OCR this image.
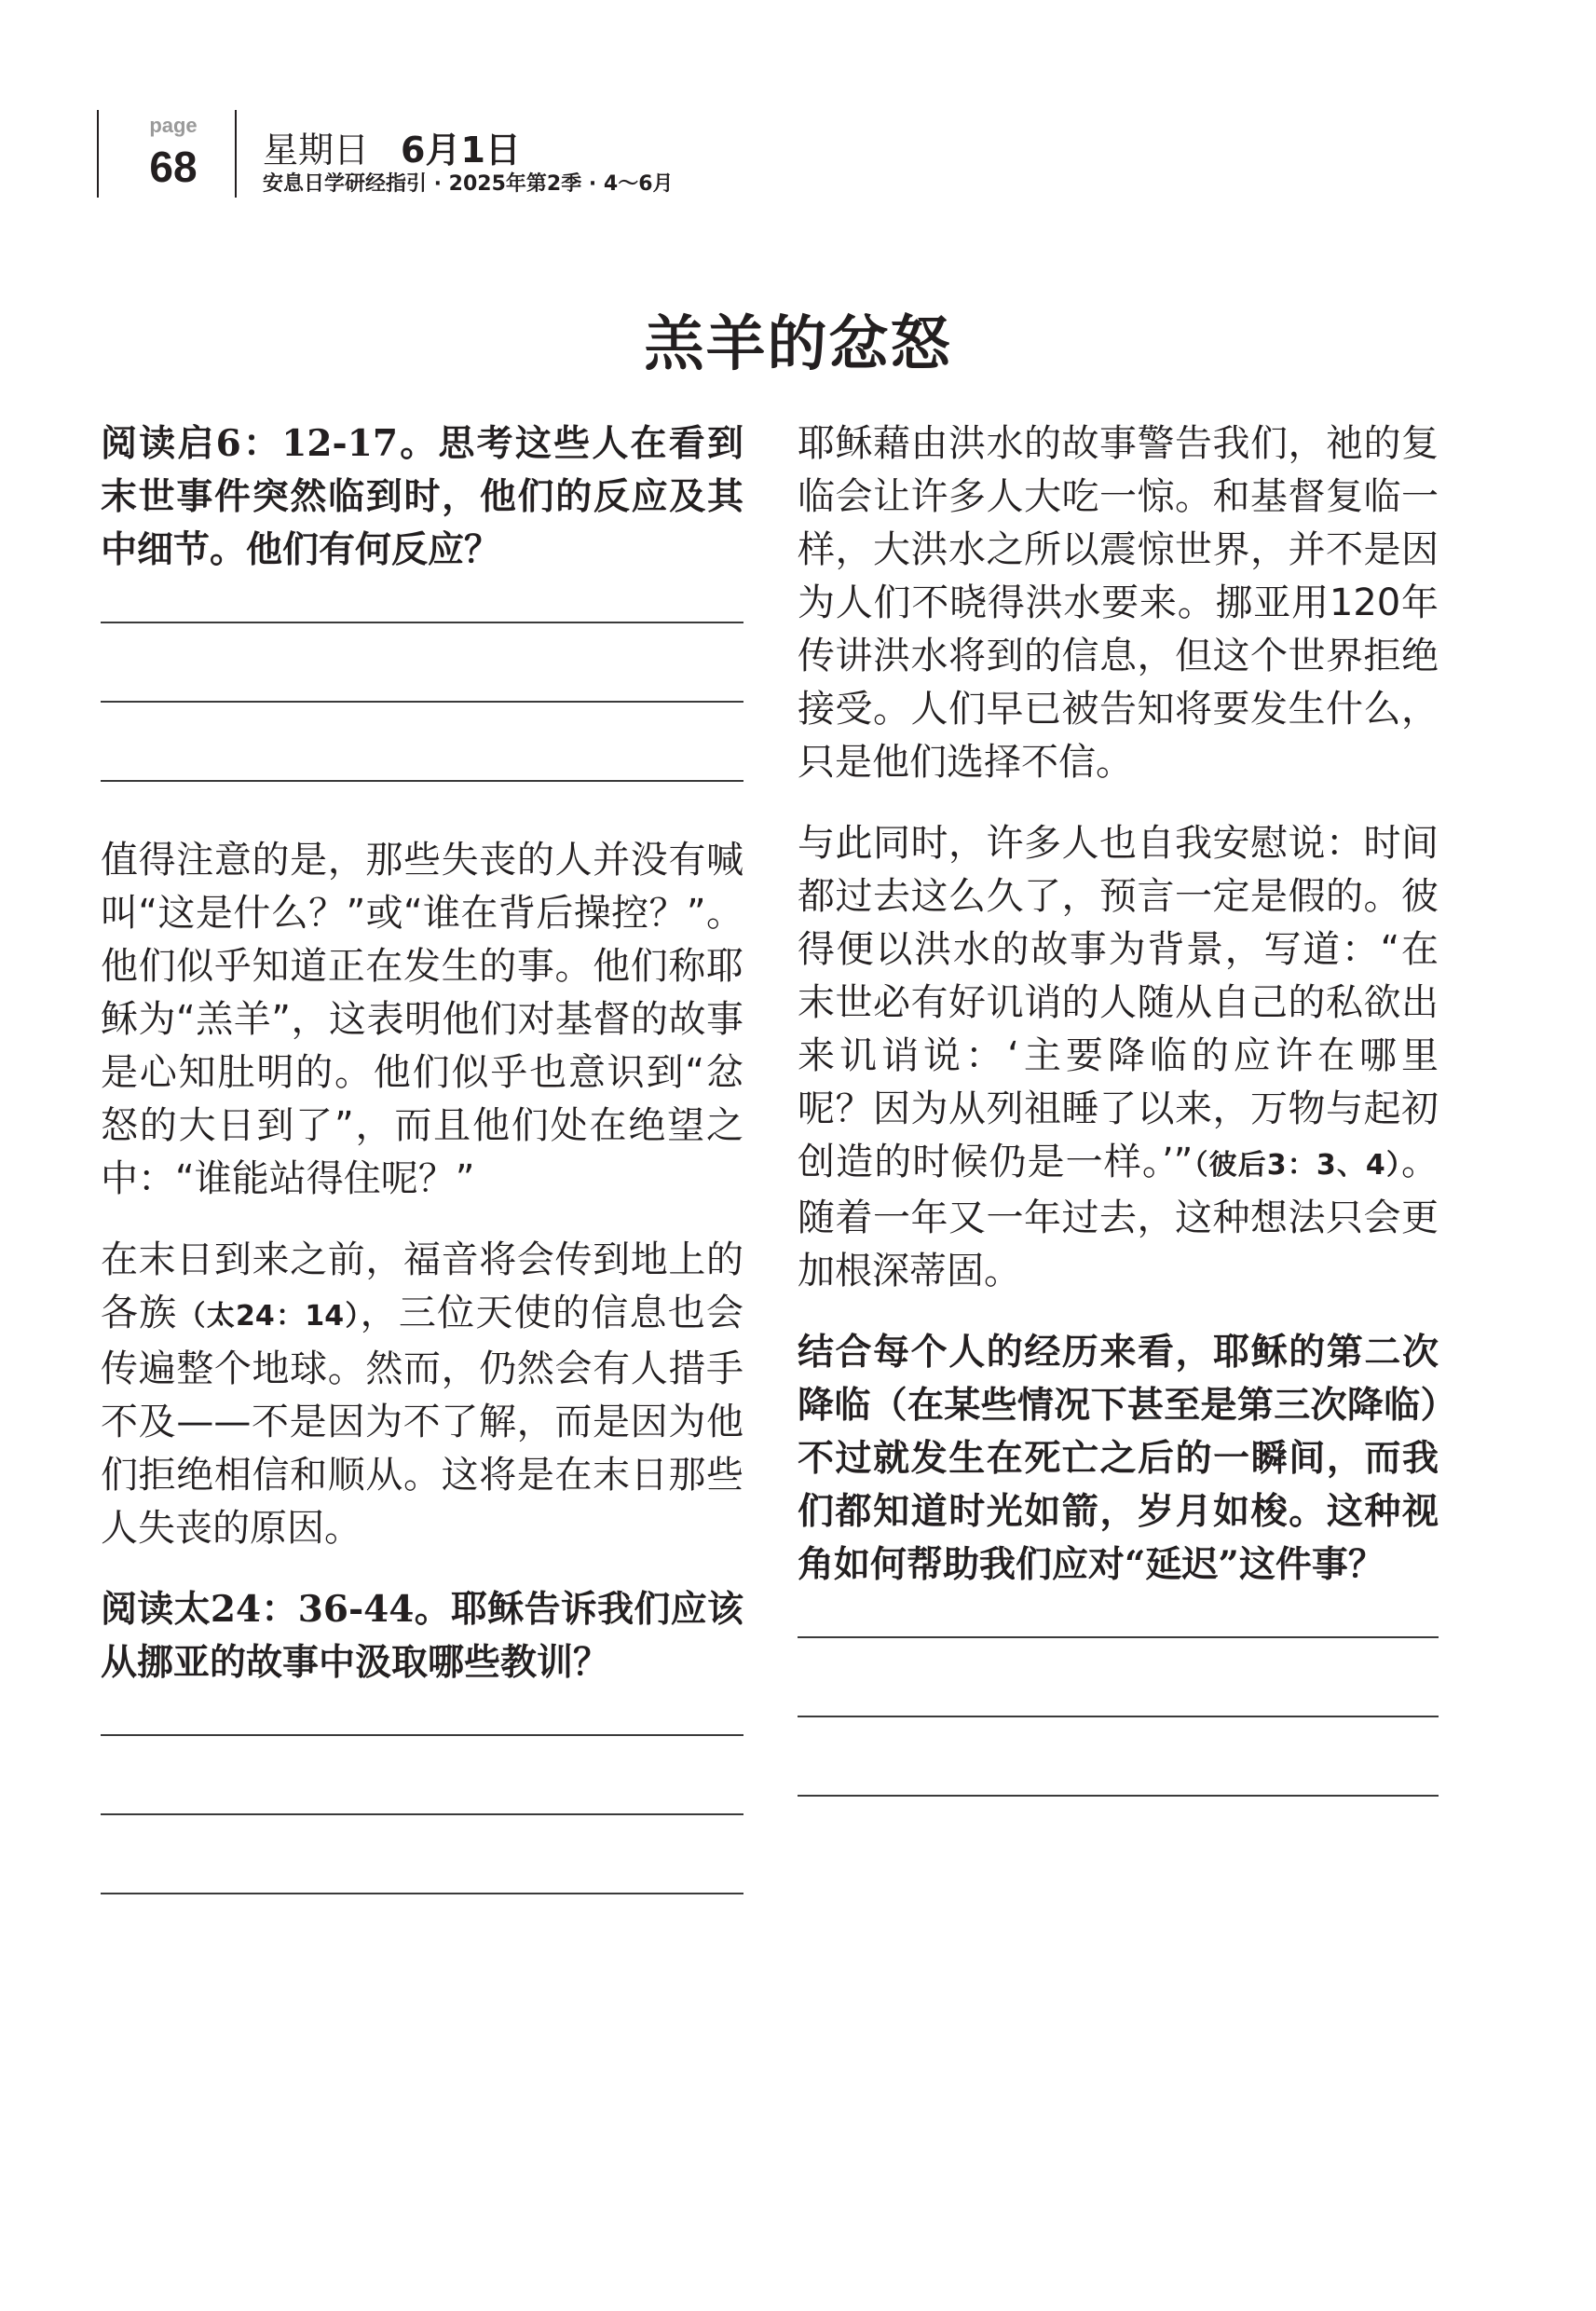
page
68	星期日 6月1日
安息日学研经指引 · 2025年第2季 · 4～6月
羔羊的忿怒

阅读启6：12-17。思考这些人在看到末世事件突然临到时，他们的反应及其中细节。他们有何反应？

值得注意的是，那些失丧的人并没有喊叫“这是什么？”或“谁在背后操控？”。他们似乎知道正在发生的事。他们称耶稣为“羔羊”，这表明他们对基督的故事是心知肚明的。他们似乎也意识到“忿怒的大日到了”，而且他们处在绝望之中：“谁能站得住呢？”

在末日到来之前，福音将会传到地上的各族（太24：14），三位天使的信息也会传遍整个地球。然而，仍然会有人措手不及——不是因为不了解，而是因为他们拒绝相信和顺从。这将是在末日那些人失丧的原因。

阅读太24：36-44。耶稣告诉我们应该从挪亚的故事中汲取哪些教训？

耶稣藉由洪水的故事警告我们，祂的复临会让许多人大吃一惊。和基督复临一样，大洪水之所以震惊世界，并不是因为人们不晓得洪水要来。挪亚用120年传讲洪水将到的信息，但这个世界拒绝接受。人们早已被告知将要发生什么，只是他们选择不信。

与此同时，许多人也自我安慰说：时间都过去这么久了，预言一定是假的。彼得便以洪水的故事为背景，写道：“在末世必有好讥诮的人随从自己的私欲出来讥诮说：‘主要降临的应许在哪里呢？因为从列祖睡了以来，万物与起初创造的时候仍是一样。’”（彼后3：3、4）。随着一年又一年过去，这种想法只会更加根深蒂固。

结合每个人的经历来看，耶稣的第二次降临（在某些情况下甚至是第三次降临）不过就发生在死亡之后的一瞬间，而我们都知道时光如箭，岁月如梭。这种视角如何帮助我们应对“延迟”这件事？
